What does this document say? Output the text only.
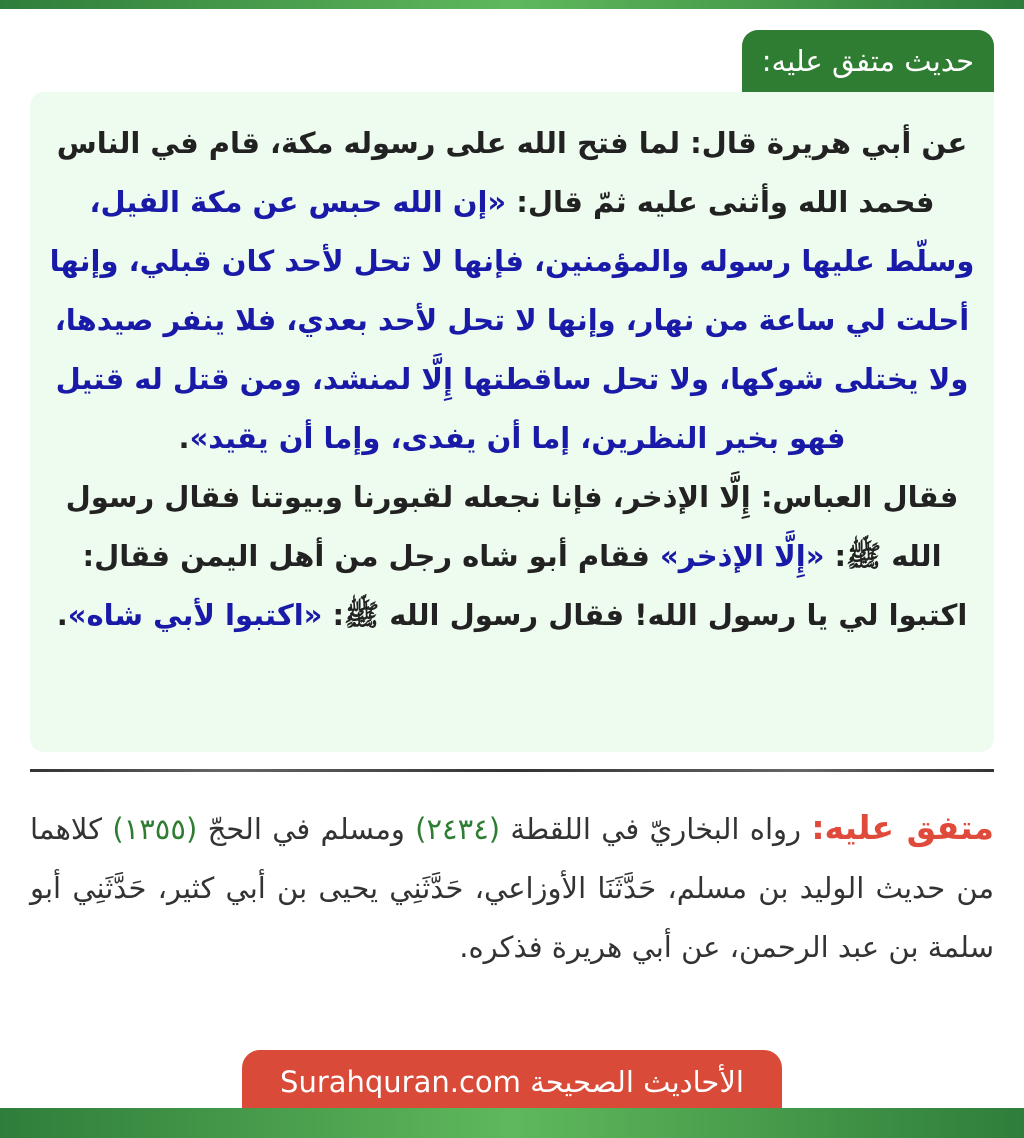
حديث متفق عليه:

عن أبي هريرة قال: لما فتح الله على رسوله مكة، قام في الناس فحمد الله وأثنى عليه ثمّ قال: «إن الله حبس عن مكة الفيل، وسلّط عليها رسوله والمؤمنين، فإنها لا تحل لأحد كان قبلي، وإنها أحلت لي ساعة من نهار، وإنها لا تحل لأحد بعدي، فلا ينفر صيدها، ولا يختلى شوكها، ولا تحل ساقطتها إِلَّا لمنشد، ومن قتل له قتيل فهو بخير النظرين، إما أن يفدى، وإما أن يقيد».

فقال العباس: إِلَّا الإذخر، فإنا نجعله لقبورنا وبيوتنا فقال رسول الله ﷺ: «إِلَّا الإذخر» فقام أبو شاه رجل من أهل اليمن فقال: اكتبوا لي يا رسول الله! فقال رسول الله ﷺ: «اكتبوا لأبي شاه».

متفق عليه: رواه البخاريّ في اللقطة (٢٤٣٤) ومسلم في الحجّ (١٣٥٥) كلاهما من حديث الوليد بن مسلم، حَدَّثَنَا الأوزاعي، حَدَّثَنِي يحيى بن أبي كثير، حَدَّثَنِي أبو سلمة بن عبد الرحمن، عن أبي هريرة فذكره.
الأحاديث الصحيحة Surahquran.com
